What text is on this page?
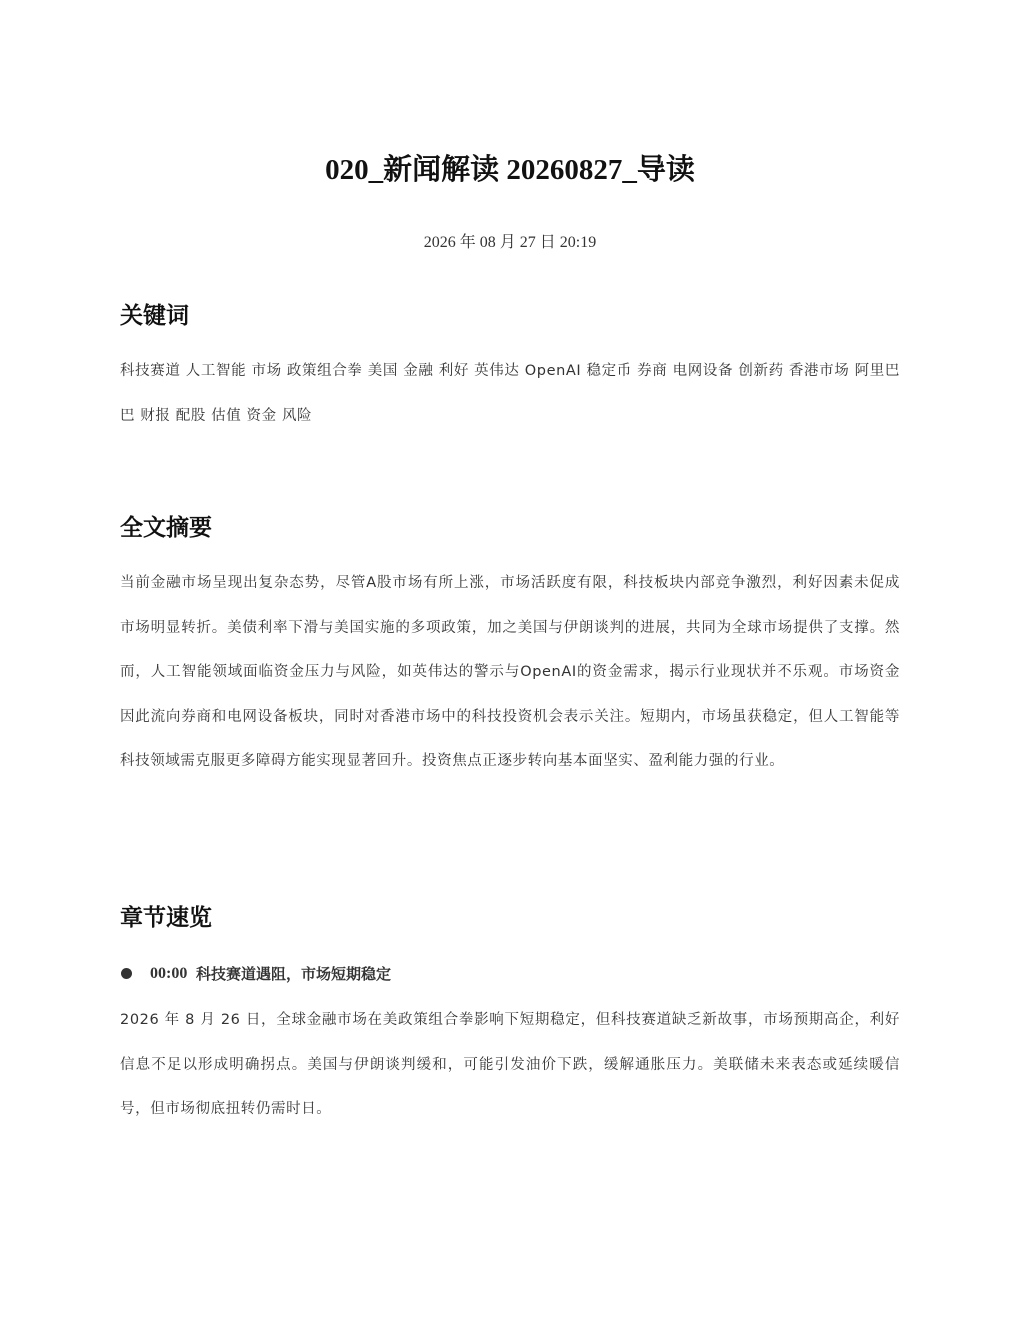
020_新闻解读 20260827_导读
2026 年 08 月 27 日 20:19
关键词

科技赛道 人工智能 市场 政策组合拳 美国 金融 利好 英伟达 OpenAI 稳定币 券商 电网设备 创新药 香港市场 阿里巴巴 财报 配股 估值 资金 风险

全文摘要

当前金融市场呈现出复杂态势，尽管A股市场有所上涨，市场活跃度有限，科技板块内部竞争激烈，利好因素未促成市场明显转折。美债利率下滑与美国实施的多项政策，加之美国与伊朗谈判的进展，共同为全球市场提供了支撑。然而，人工智能领域面临资金压力与风险，如英伟达的警示与OpenAI的资金需求，揭示行业现状并不乐观。市场资金因此流向券商和电网设备板块，同时对香港市场中的科技投资机会表示关注。短期内，市场虽获稳定，但人工智能等科技领域需克服更多障碍方能实现显著回升。投资焦点正逐步转向基本面坚实、盈利能力强的行业。

章节速览
00:00 科技赛道遇阻，市场短期稳定

2026 年 8 月 26 日，全球金融市场在美政策组合拳影响下短期稳定，但科技赛道缺乏新故事，市场预期高企，利好信息不足以形成明确拐点。美国与伊朗谈判缓和，可能引发油价下跌，缓解通胀压力。美联储未来表态或延续暖信号，但市场彻底扭转仍需时日。
